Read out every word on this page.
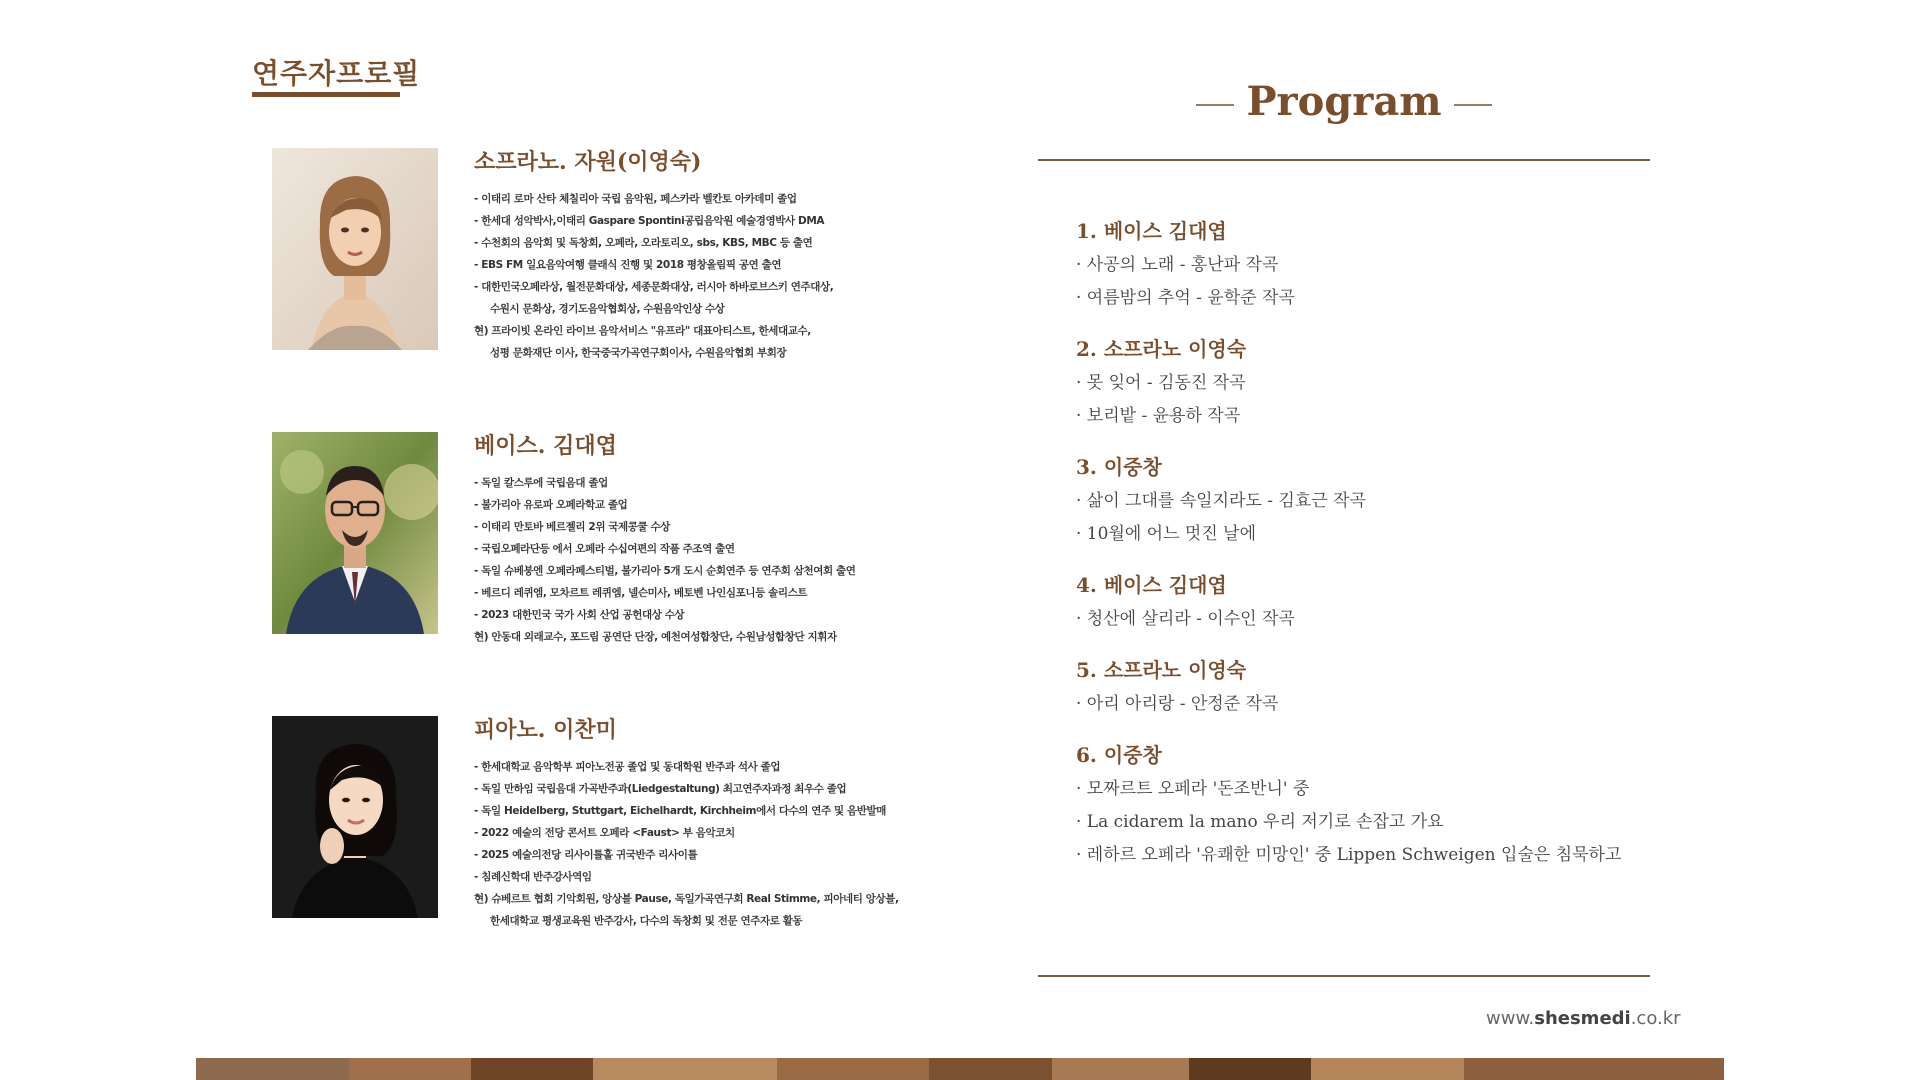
연주자프로필
소프라노. 자원(이영숙)
- 이태리 로마 산타 체칠리아 국립 음악원, 페스카라 벨칸토 아카데미 졸업
- 한세대 성악박사,이태리 Gaspare Spontini공립음악원 예술경영박사 DMA
- 수천회의 음악회 및 독창회, 오페라, 오라토리오, sbs, KBS, MBC 등 출연
- EBS FM 일요음악여행 클래식 진행 및 2018 평창올림픽 공연 출연
- 대한민국오페라상, 월전문화대상, 세종문화대상, 러시아 하바로브스키 연주대상,
수원시 문화상, 경기도음악협회상, 수원음악인상 수상
현) 프라이빗 온라인 라이브 음악서비스 "유프라" 대표아티스트, 한세대교수,
성평 문화재단 이사, 한국중국가곡연구회이사, 수원음악협회 부회장
베이스. 김대엽
- 독일 칼스루에 국립음대 졸업
- 불가리아 유로파 오페라학교 졸업
- 이태리 만토바 베르젤리 2위 국제콩쿨 수상
- 국립오페라단등 에서 오페라 수십여편의 작품 주조역 출연
- 독일 슈베붕엔 오페라페스티벌, 불가리아 5개 도시 순회연주 등 연주회 삼천여회 출연
- 베르디 레퀴엠, 모차르트 레퀴엠, 넬슨미사, 베토벤 나인심포니등 솔리스트
- 2023 대한민국 국가 사회 산업 공헌대상 수상
현) 안동대 외래교수, 포드림 공연단 단장, 예천여성합창단, 수원남성합창단 지휘자
피아노. 이찬미
- 한세대학교 음악학부 피아노전공 졸업 및 동대학원 반주과 석사 졸업
- 독일 만하임 국립음대 가곡반주과(Liedgestaltung) 최고연주자과정 최우수 졸업
- 독일 Heidelberg, Stuttgart, Eichelhardt, Kirchheim에서 다수의 연주 및 음반발매
- 2022 예술의 전당 콘서트 오페라 <Faust> 부 음악코치
- 2025 예술의전당 리사이틀홀 귀국반주 리사이틀
- 침례신학대 반주강사역임
현) 슈베르트 협회 기악회원, 앙상블 Pause, 독일가곡연구회 Real Stimme, 피아네티 앙상블,
한세대학교 평생교육원 반주강사, 다수의 독창회 및 전문 연주자로 활동
Program
1. 베이스 김대엽
· 사공의 노래 - 홍난파 작곡
· 여름밤의 추억 - 윤학준 작곡
2. 소프라노 이영숙
· 못 잊어 - 김동진 작곡
· 보리밭 - 윤용하 작곡
3. 이중창
· 삶이 그대를 속일지라도 - 김효근 작곡
· 10월에 어느 멋진 날에
4. 베이스 김대엽
· 청산에 살리라 - 이수인 작곡
5. 소프라노 이영숙
· 아리 아리랑 - 안정준 작곡
6. 이중창
· 모짜르트 오페라 '돈조반니' 중
· La cidarem la mano 우리 저기로 손잡고 가요
· 레하르 오페라 '유쾌한 미망인' 중 Lippen Schweigen 입술은 침묵하고
www.shesmedi.co.kr
